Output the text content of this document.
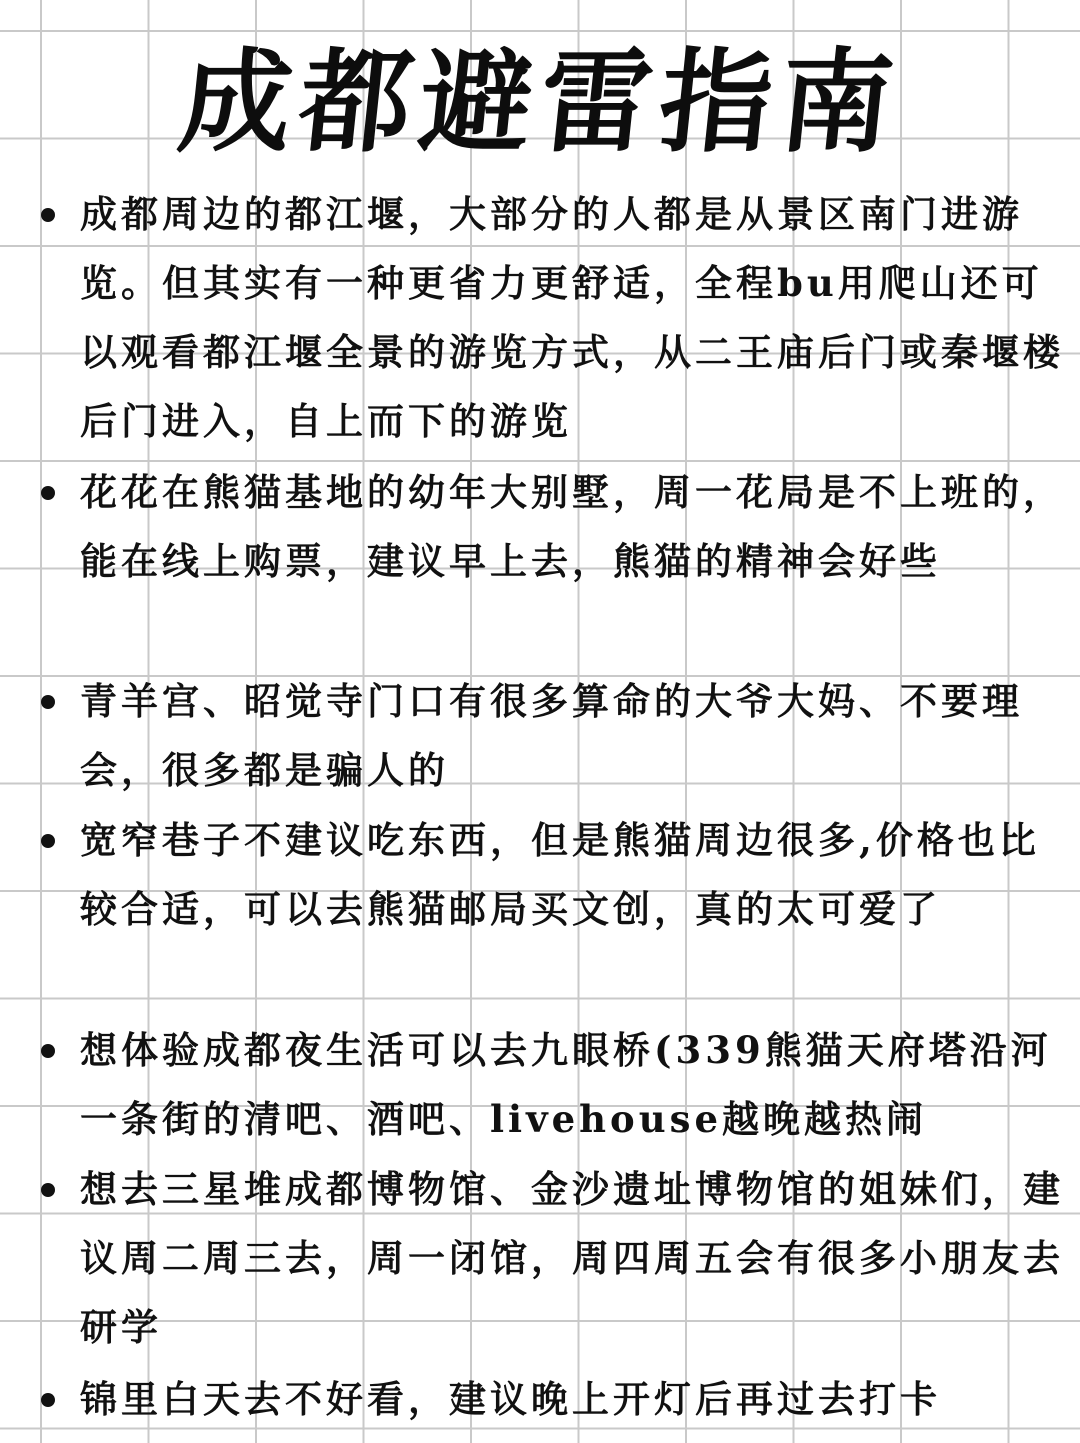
成都避雷指南
成都周边的都江堰，大部分的人都是从景区南门进游览。但其实有一种更省力更舒适，全程bu用爬山还可以观看都江堰全景的游览方式，从二王庙后门或秦堰楼后门进入，自上而下的游览
花花在熊猫基地的幼年大别墅，周一花局是不上班的，能在线上购票，建议早上去，熊猫的精神会好些
青羊宫、昭觉寺门口有很多算命的大爷大妈、不要理会，很多都是骗人的
宽窄巷子不建议吃东西，但是熊猫周边很多,价格也比较合适，可以去熊猫邮局买文创，真的太可爱了
想体验成都夜生活可以去九眼桥(339熊猫天府塔沿河一条街的清吧、酒吧、livehouse越晚越热闹
想去三星堆成都博物馆、金沙遗址博物馆的姐妹们，建议周二周三去，周一闭馆，周四周五会有很多小朋友去研学
锦里白天去不好看，建议晚上开灯后再过去打卡
